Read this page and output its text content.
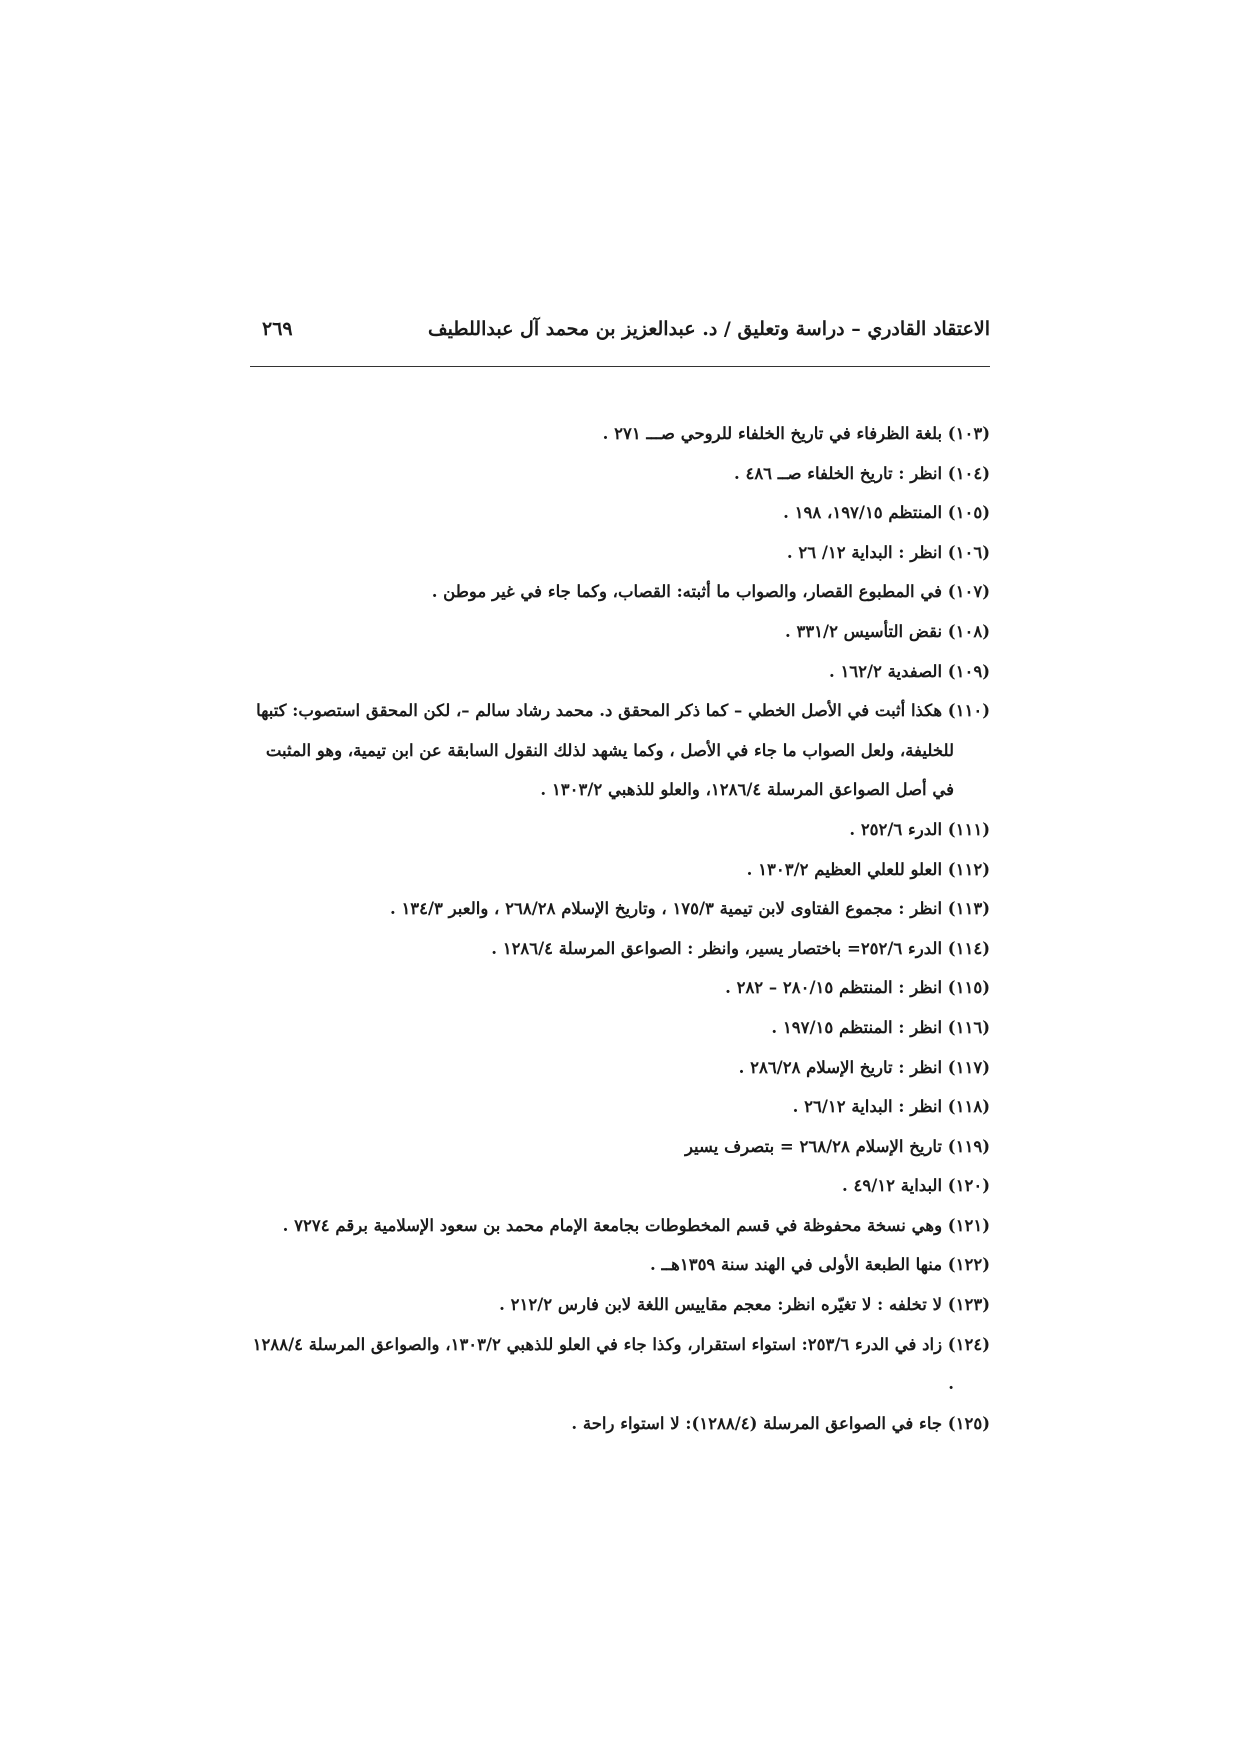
الاعتقاد القادري – دراسة وتعليق / د. عبدالعزيز بن محمد آل عبداللطيف
٢٦٩
(١٠٣) بلغة الظرفاء في تاريخ الخلفاء للروحي صـــ ٢٧١ .
(١٠٤) انظر : تاريخ الخلفاء صــ ٤٨٦ .
(١٠٥) المنتظم ١٩٧/١٥، ١٩٨ .
(١٠٦) انظر : البداية ١٢/ ٢٦ .
(١٠٧) في المطبوع القصار، والصواب ما أثبته: القصاب، وكما جاء في غير موطن .
(١٠٨) نقض التأسيس ٣٣١/٢ .
(١٠٩) الصفدية ١٦٢/٢ .
(١١٠) هكذا أثبت في الأصل الخطي – كما ذكر المحقق د. محمد رشاد سالم –، لكن المحقق استصوب: كتبها للخليفة، ولعل الصواب ما جاء في الأصل ، وكما يشهد لذلك النقول السابقة عن ابن تيمية، وهو المثبت في أصل الصواعق المرسلة ١٢٨٦/٤، والعلو للذهبي ١٣٠٣/٢ .
(١١١) الدرء ٢٥٢/٦ .
(١١٢) العلو للعلي العظيم ١٣٠٣/٢ .
(١١٣) انظر : مجموع الفتاوى لابن تيمية ١٧٥/٣ ، وتاريخ الإسلام ٢٦٨/٢٨ ، والعبر ١٣٤/٣ .
(١١٤) الدرء ٢٥٢/٦= باختصار يسير، وانظر : الصواعق المرسلة ١٢٨٦/٤ .
(١١٥) انظر : المنتظم ٢٨٠/١٥ – ٢٨٢ .
(١١٦) انظر : المنتظم ١٩٧/١٥ .
(١١٧) انظر : تاريخ الإسلام ٢٨٦/٢٨ .
(١١٨) انظر : البداية ٢٦/١٢ .
(١١٩) تاريخ الإسلام ٢٦٨/٢٨ = بتصرف يسير
(١٢٠) البداية ٤٩/١٢ .
(١٢١) وهي نسخة محفوظة في قسم المخطوطات بجامعة الإمام محمد بن سعود الإسلامية برقم ٧٢٧٤ .
(١٢٢) منها الطبعة الأولى في الهند سنة ١٣٥٩هــ .
(١٢٣) لا تخلفه : لا تغيّره انظر: معجم مقاييس اللغة لابن فارس ٢١٢/٢ .
(١٢٤) زاد في الدرء ٢٥٣/٦: استواء استقرار، وكذا جاء في العلو للذهبي ١٣٠٣/٢، والصواعق المرسلة ١٢٨٨/٤ .
(١٢٥) جاء في الصواعق المرسلة (١٢٨٨/٤): لا استواء راحة .
